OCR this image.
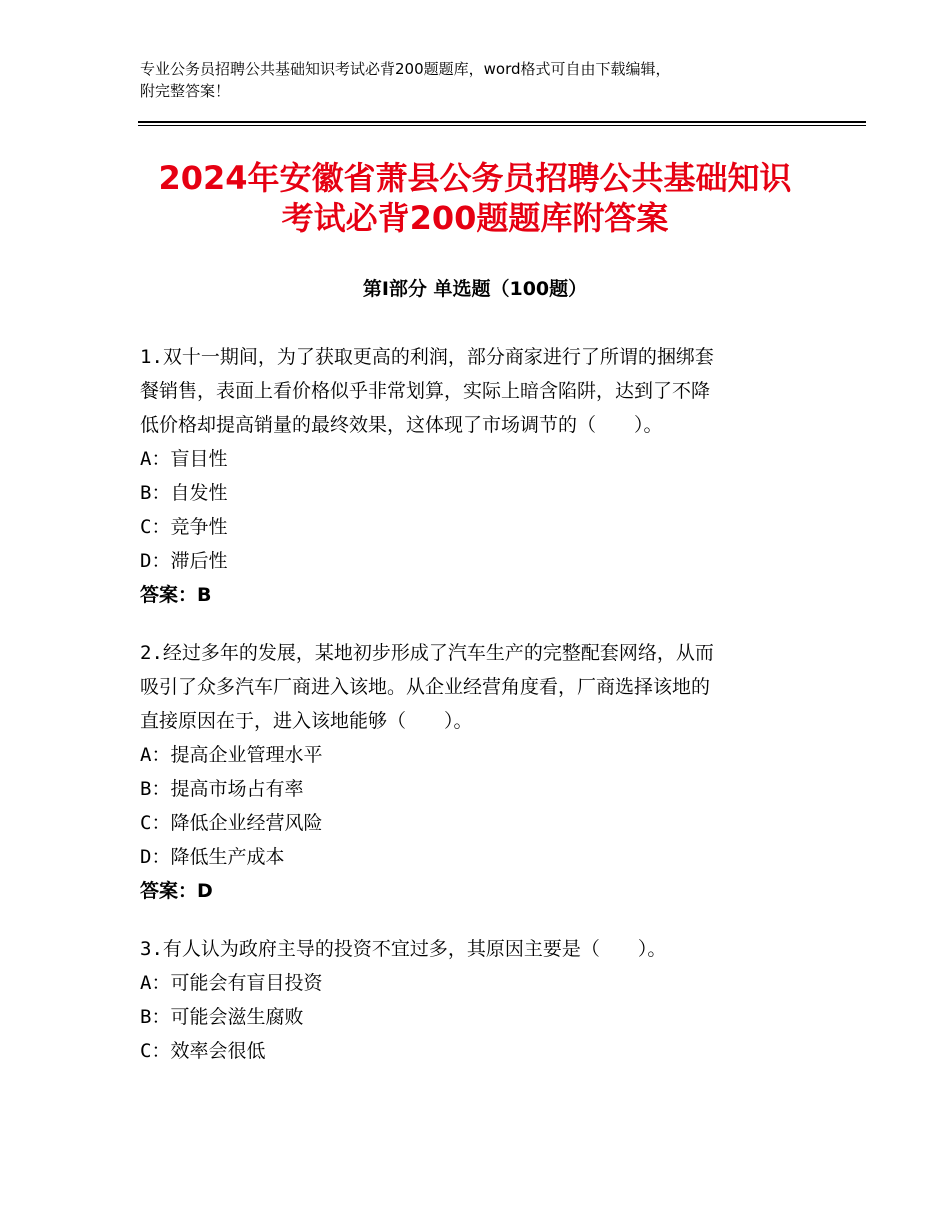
专业公务员招聘公共基础知识考试必背200题题库，word格式可自由下载编辑，
附完整答案！
2024年安徽省萧县公务员招聘公共基础知识
考试必背200题题库附答案
第I部分 单选题（100题）
1.双十一期间，为了获取更高的利润，部分商家进行了所谓的捆绑套
餐销售，表面上看价格似乎非常划算，实际上暗含陷阱，达到了不降
低价格却提高销量的最终效果，这体现了市场调节的（　　）。
A：盲目性
B：自发性
C：竞争性
D：滞后性
答案：B
2.经过多年的发展，某地初步形成了汽车生产的完整配套网络，从而
吸引了众多汽车厂商进入该地。从企业经营角度看，厂商选择该地的
直接原因在于，进入该地能够（　　）。
A：提高企业管理水平
B：提高市场占有率
C：降低企业经营风险
D：降低生产成本
答案：D
3.有人认为政府主导的投资不宜过多，其原因主要是（　　）。
A：可能会有盲目投资
B：可能会滋生腐败
C：效率会很低
